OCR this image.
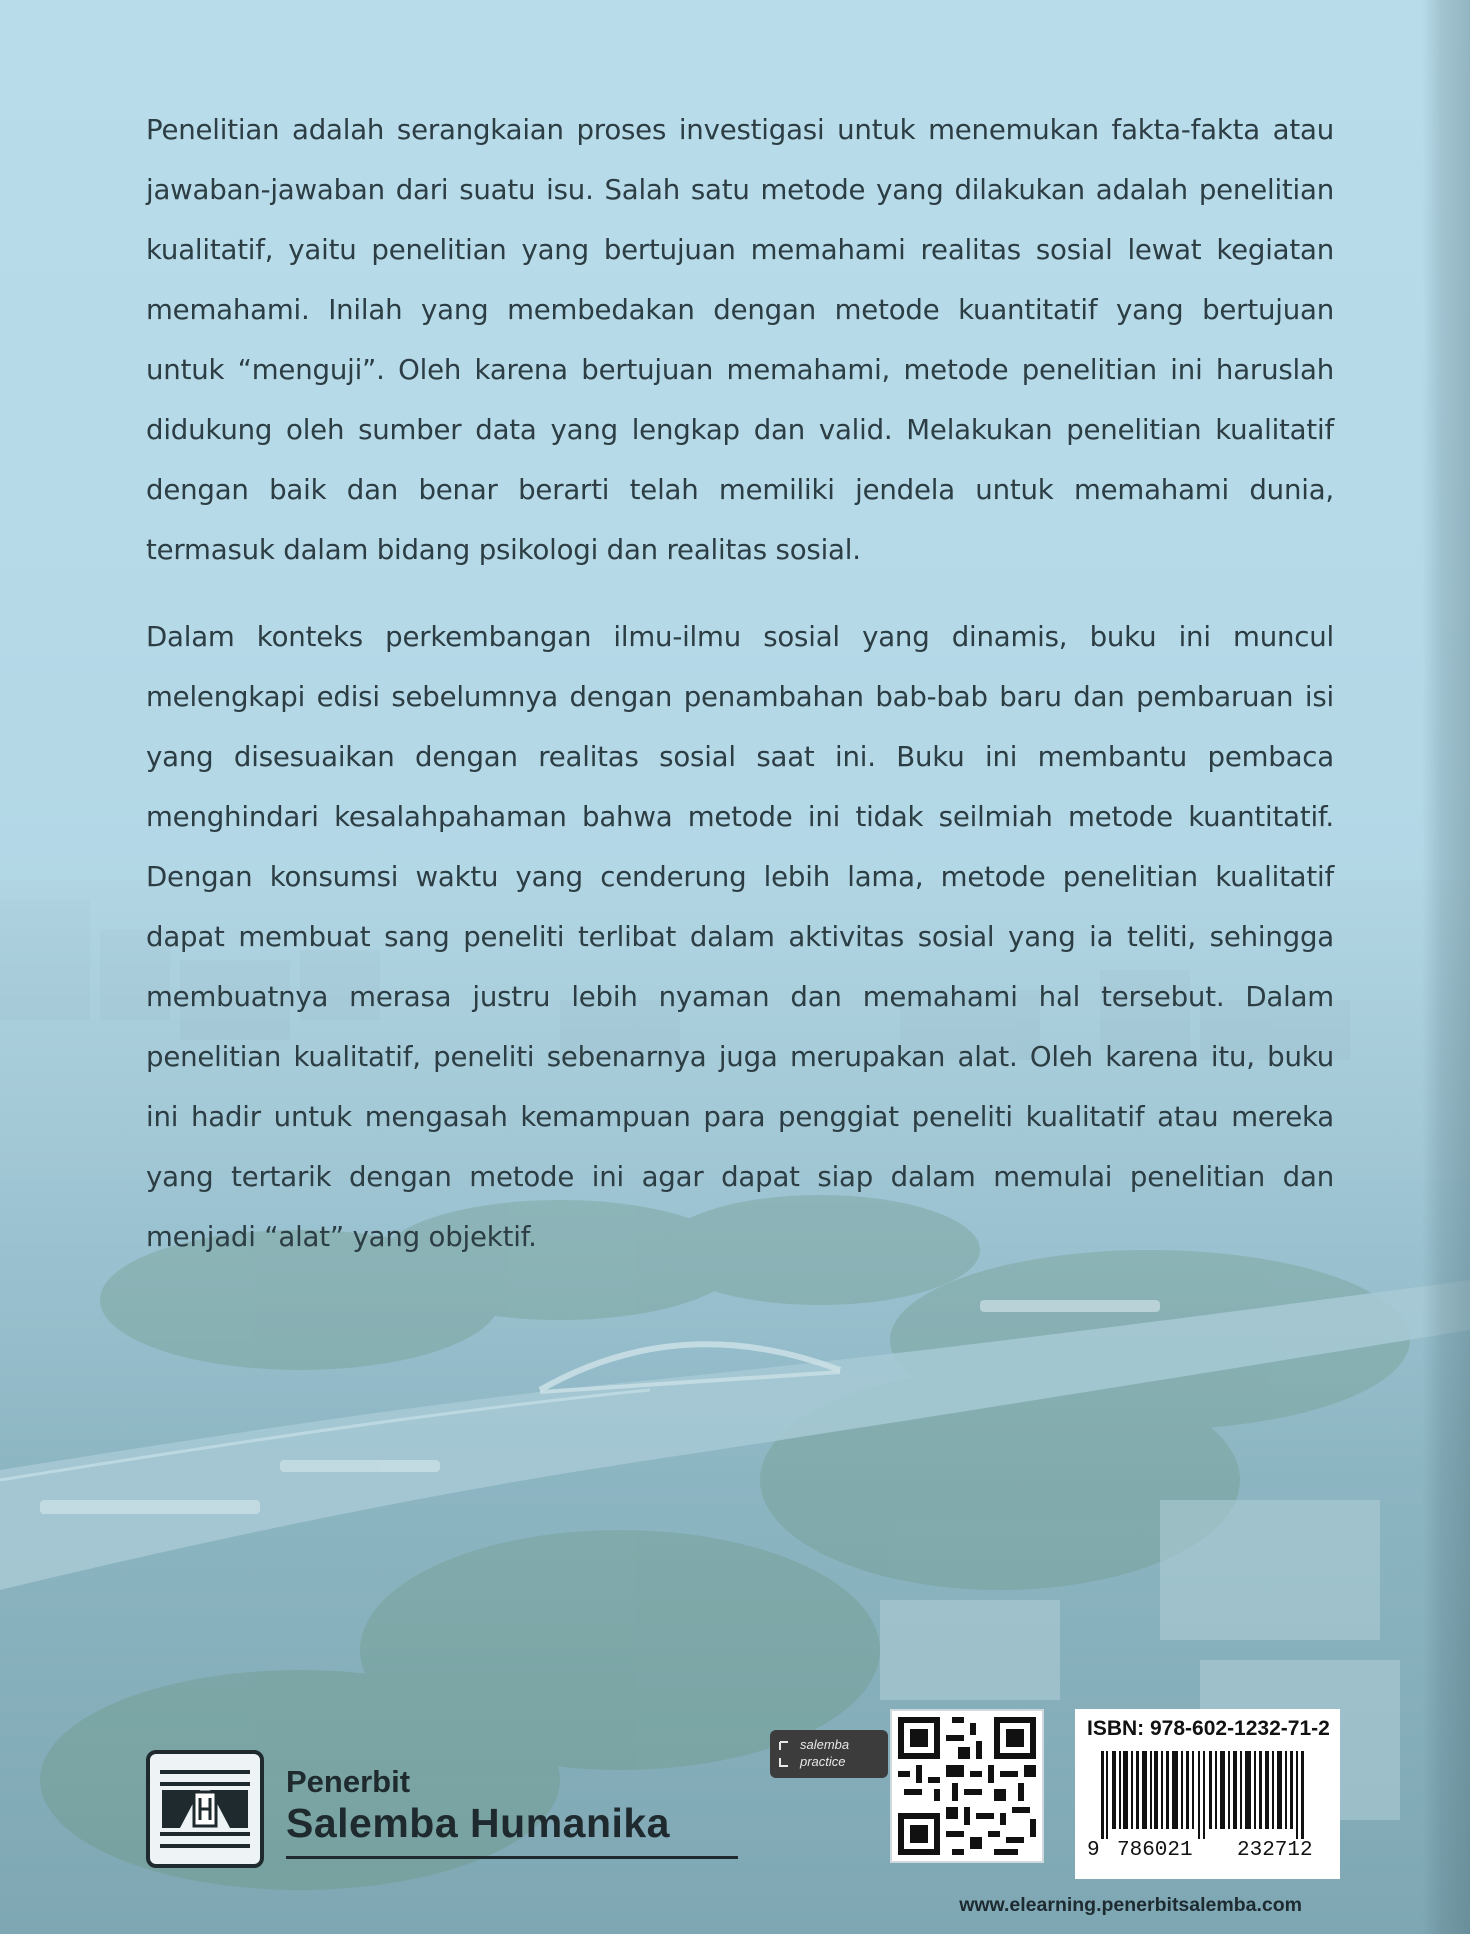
Penelitian adalah serangkaian proses investigasi untuk menemukan fakta-fakta atau jawaban-jawaban dari suatu isu. Salah satu metode yang dilakukan adalah penelitian kualitatif, yaitu penelitian yang bertujuan memahami realitas sosial lewat kegiatan memahami. Inilah yang membedakan dengan metode kuantitatif yang bertujuan untuk “menguji”. Oleh karena bertujuan memahami, metode penelitian ini haruslah didukung oleh sumber data yang lengkap dan valid. Melakukan penelitian kualitatif dengan baik dan benar berarti telah memiliki jendela untuk memahami dunia, termasuk dalam bidang psikologi dan realitas sosial.

Dalam konteks perkembangan ilmu-ilmu sosial yang dinamis, buku ini muncul melengkapi edisi sebelumnya dengan penambahan bab-bab baru dan pembaruan isi yang disesuaikan dengan realitas sosial saat ini. Buku ini membantu pembaca menghindari kesalahpahaman bahwa metode ini tidak seilmiah metode kuantitatif. Dengan konsumsi waktu yang cenderung lebih lama, metode penelitian kualitatif dapat membuat sang peneliti terlibat dalam aktivitas sosial yang ia teliti, sehingga membuatnya merasa justru lebih nyaman dan memahami hal tersebut. Dalam penelitian kualitatif, peneliti sebenarnya juga merupakan alat. Oleh karena itu, buku ini hadir untuk mengasah kemampuan para penggiat peneliti kualitatif atau mereka yang tertarik dengan metode ini agar dapat siap dalam memulai penelitian dan menjadi “alat” yang objektif.

Penerbit
Salemba Humanika
salemba
practice
ISBN: 978-602-1232-71-2
9 786021 232712
www.elearning.penerbitsalemba.com
